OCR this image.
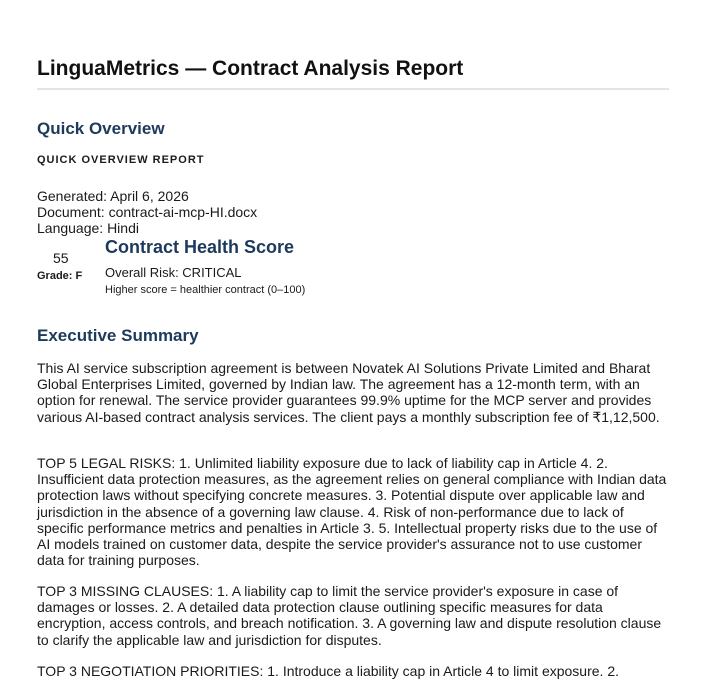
LinguaMetrics — Contract Analysis Report
Quick Overview
QUICK OVERVIEW REPORT
Generated: April 6, 2026
Document: contract-ai-mcp-HI.docx
Language: Hindi
55
Grade: F
Contract Health Score
Overall Risk: CRITICAL
Higher score = healthier contract (0–100)
Executive Summary

This AI service subscription agreement is between Novatek AI Solutions Private Limited and Bharat Global Enterprises Limited, governed by Indian law. The agreement has a 12-month term, with an option for renewal. The service provider guarantees 99.9% uptime for the MCP server and provides various AI-based contract analysis services. The client pays a monthly subscription fee of ₹1,12,500.

TOP 5 LEGAL RISKS: 1. Unlimited liability exposure due to lack of liability cap in Article 4. 2. Insufficient data protection measures, as the agreement relies on general compliance with Indian data protection laws without specifying concrete measures. 3. Potential dispute over applicable law and jurisdiction in the absence of a governing law clause. 4. Risk of non-performance due to lack of specific performance metrics and penalties in Article 3. 5. Intellectual property risks due to the use of AI models trained on customer data, despite the service provider's assurance not to use customer data for training purposes.

TOP 3 MISSING CLAUSES: 1. A liability cap to limit the service provider's exposure in case of damages or losses. 2. A detailed data protection clause outlining specific measures for data encryption, access controls, and breach notification. 3. A governing law and dispute resolution clause to clarify the applicable law and jurisdiction for disputes.

TOP 3 NEGOTIATION PRIORITIES: 1. Introduce a liability cap in Article 4 to limit exposure. 2.
